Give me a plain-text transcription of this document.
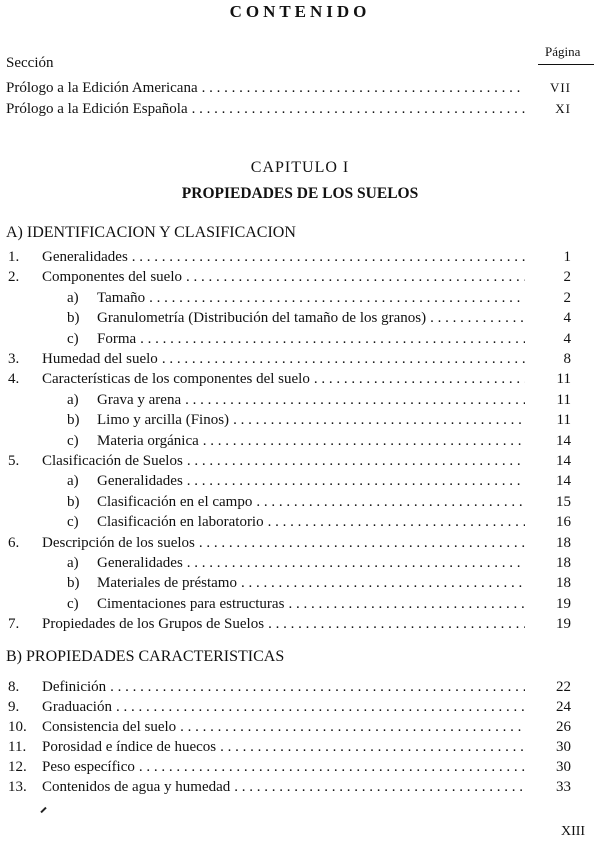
CONTENIDO
Página
Sección
Prólogo a la Edición Americana . . .	VII
Prólogo a la Edición Española . . .	XI
CAPITULO I
PROPIEDADES DE LOS SUELOS
A) IDENTIFICACION Y CLASIFICACION
1.	Generalidades . . .	1
2.	Componentes del suelo . . .	2
a)	Tamaño . . .	2
b)	Granulometría (Distribución del tamaño de los granos) . . .	4
c)	Forma . . .	4
3.	Humedad del suelo . . .	8
4.	Características de los componentes del suelo . . .	11
a)	Grava y arena . . .	11
b)	Limo y arcilla (Finos) . . .	11
c)	Materia orgánica . . .	14
5.	Clasificación de Suelos . . .	14
a)	Generalidades . . .	14
b)	Clasificación en el campo . . .	15
c)	Clasificación en laboratorio . . .	16
6.	Descripción de los suelos . . .	18
a)	Generalidades . . .	18
b)	Materiales de préstamo . . .	18
c)	Cimentaciones para estructuras . . .	19
7.	Propiedades de los Grupos de Suelos . . .	19
B) PROPIEDADES CARACTERISTICAS
8.	Definición . . .	22
9.	Graduación . . .	24
10.	Consistencia del suelo . . .	26
11.	Porosidad e índice de huecos . . .	30
12.	Peso específico . . .	30
13.	Contenidos de agua y humedad . . .	33
XIII
